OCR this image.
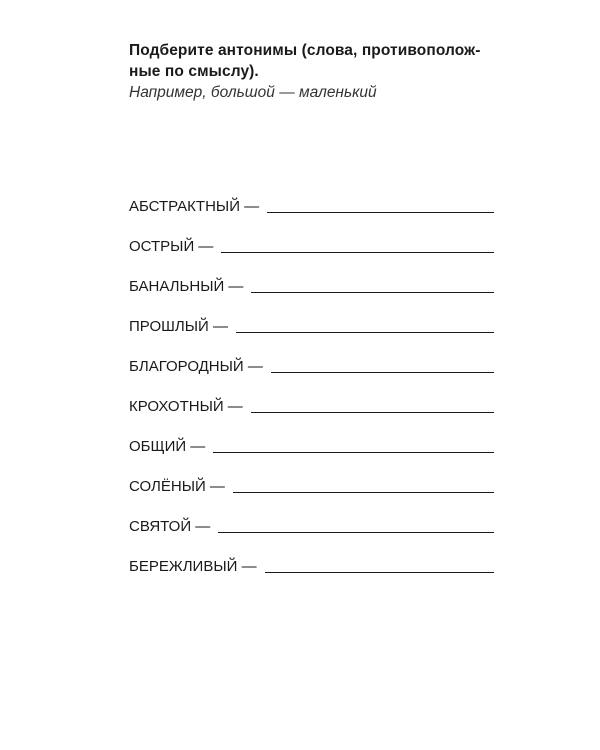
Подберите антонимы (слова, противополож-
ные по смыслу).

Например, большой — маленький

АБСТРАКТНЫЙ —
ОСТРЫЙ —
БАНАЛЬНЫЙ —
ПРОШЛЫЙ —
БЛАГОРОДНЫЙ —
КРОХОТНЫЙ —
ОБЩИЙ —
СОЛЁНЫЙ —
СВЯТОЙ —
БЕРЕЖЛИВЫЙ —
